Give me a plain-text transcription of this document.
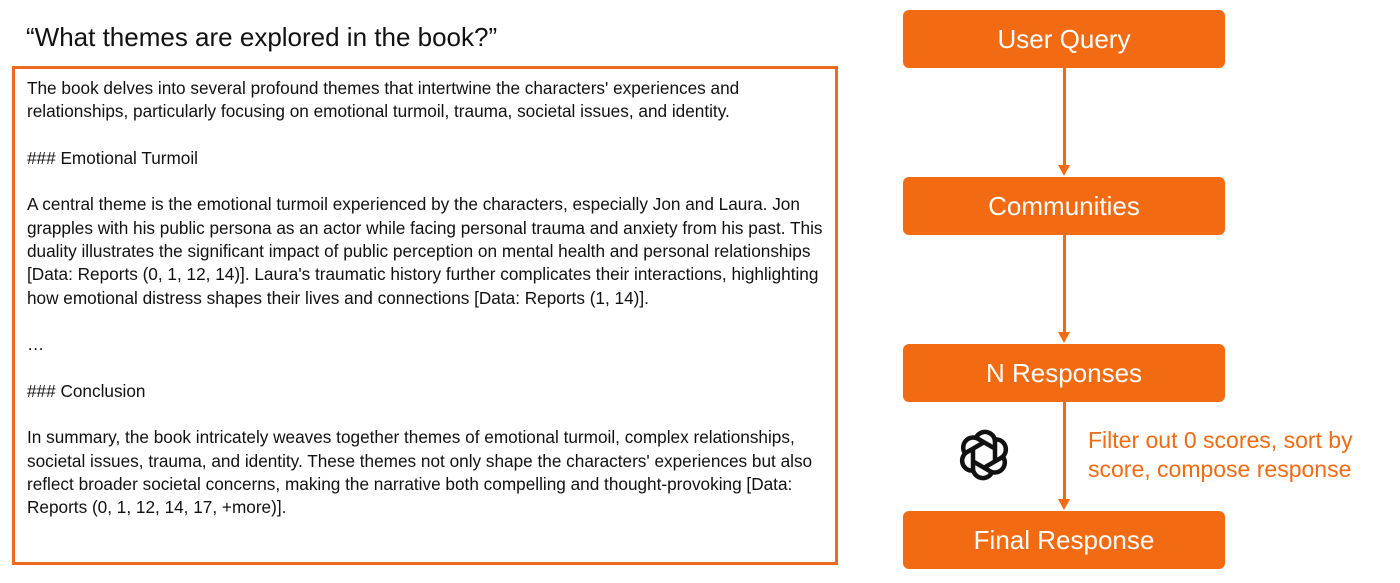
“What themes are explored in the book?”

The book delves into several profound themes that intertwine the characters' experiences and relationships, particularly focusing on emotional turmoil, trauma, societal issues, and identity.

### Emotional Turmoil

A central theme is the emotional turmoil experienced by the characters, especially Jon and Laura. Jon grapples with his public persona as an actor while facing personal trauma and anxiety from his past. This duality illustrates the significant impact of public perception on mental health and personal relationships [Data: Reports (0, 1, 12, 14)]. Laura's traumatic history further complicates their interactions, highlighting how emotional distress shapes their lives and connections [Data: Reports (1, 14)].

…

### Conclusion

In summary, the book intricately weaves together themes of emotional turmoil, complex relationships, societal issues, trauma, and identity. These themes not only shape the characters' experiences but also reflect broader societal concerns, making the narrative both compelling and thought-provoking [Data: Reports (0, 1, 12, 14, 17, +more)].

User Query
Communities
N Responses
Final Response
Filter out 0 scores, sort by
score, compose response
